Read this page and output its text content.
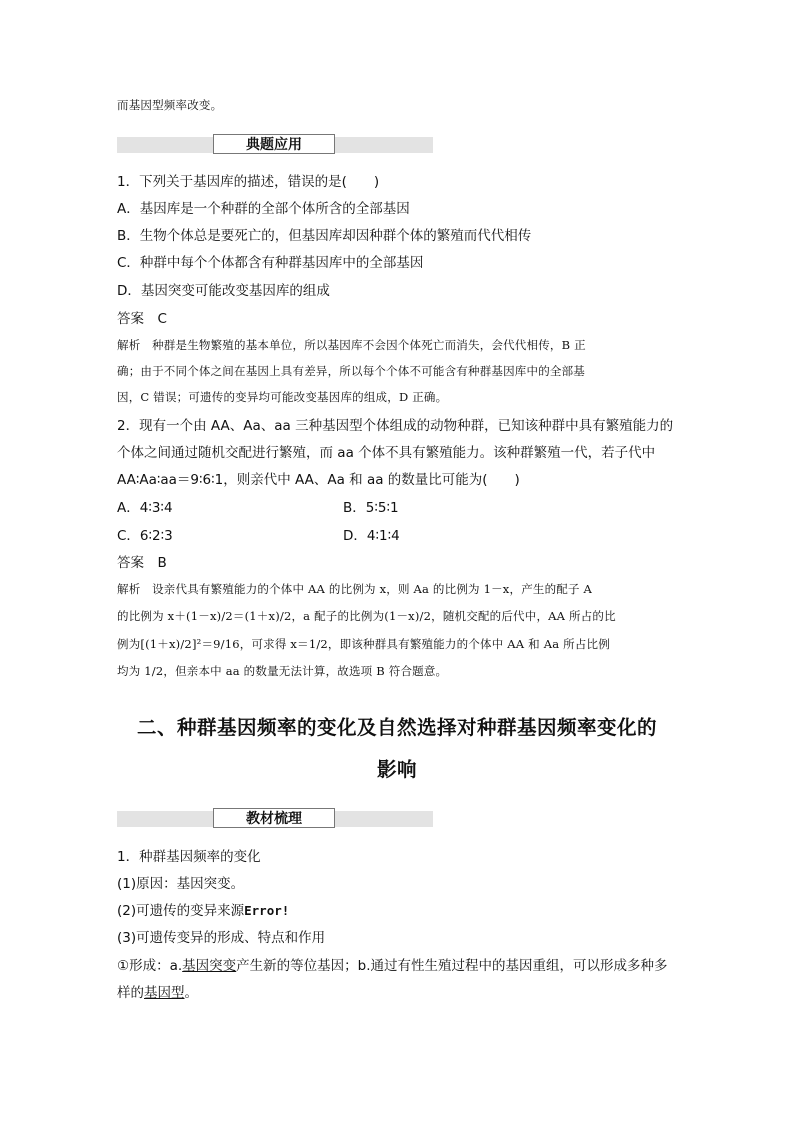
而基因型频率改变。
典题应用
1．下列关于基因库的描述，错误的是(　　)
A．基因库是一个种群的全部个体所含的全部基因
B．生物个体总是要死亡的，但基因库却因种群个体的繁殖而代代相传
C．种群中每个个体都含有种群基因库中的全部基因
D．基因突变可能改变基因库的组成
答案　C
解析　种群是生物繁殖的基本单位，所以基因库不会因个体死亡而消失，会代代相传，B 正
确；由于不同个体之间在基因上具有差异，所以每个个体不可能含有种群基因库中的全部基
因，C 错误；可遗传的变异均可能改变基因库的组成，D 正确。
2．现有一个由 AA、Aa、aa 三种基因型个体组成的动物种群，已知该种群中具有繁殖能力的
个体之间通过随机交配进行繁殖，而 aa 个体不具有繁殖能力。该种群繁殖一代，若子代中
AA∶Aa∶aa＝9∶6∶1，则亲代中 AA、Aa 和 aa 的数量比可能为(　　)
A．4∶3∶4	B．5∶5∶1
C．6∶2∶3	D．4∶1∶4
答案　B
解析　设亲代具有繁殖能力的个体中 AA 的比例为 x，则 Aa 的比例为 1－x，产生的配子 A
的比例为 x＋(1－x)/2＝(1＋x)/2，a 配子的比例为(1－x)/2，随机交配的后代中，AA 所占的比
例为[(1＋x)/2]²＝9/16，可求得 x＝1/2，即该种群具有繁殖能力的个体中 AA 和 Aa 所占比例
均为 1/2，但亲本中 aa 的数量无法计算，故选项 B 符合题意。
二、种群基因频率的变化及自然选择对种群基因频率变化的
影响
教材梳理
1．种群基因频率的变化
(1)原因：基因突变。
(2)可遗传的变异来源Error!
(3)可遗传变异的形成、特点和作用
①形成：a.基因突变产生新的等位基因；b.通过有性生殖过程中的基因重组，可以形成多种多
样的基因型。
